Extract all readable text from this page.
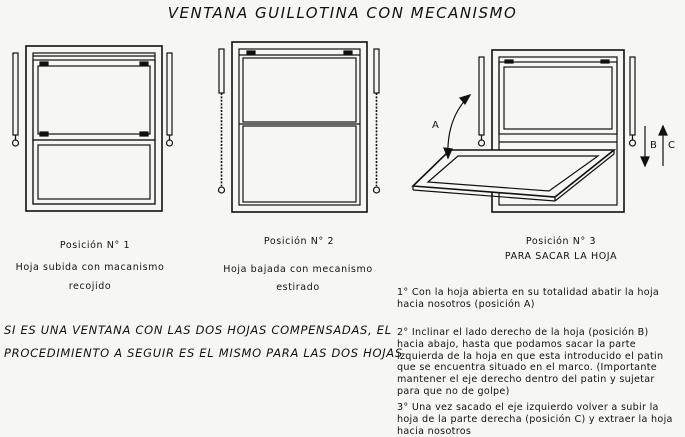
VENTANA GUILLOTINA CON MECANISMO
A
B C
Posición N° 1
Hoja subida con macanismo
recojido
Posición N° 2
Hoja bajada con mecanismo
estirado
Posición N° 3
PARA SACAR LA HOJA
SI ES UNA VENTANA CON LAS DOS HOJAS COMPENSADAS, EL
PROCEDIMIENTO A SEGUIR ES EL MISMO PARA LAS DOS HOJAS
1° Con la hoja abierta en su totalidad abatir la hoja hacia nosotros (posición A)
2° Inclinar el lado derecho de la hoja (posición B) hacia abajo, hasta que podamos sacar la parte izquierda de la hoja en que esta introducido el patin que se encuentra situado en el marco. (Importante mantener el eje derecho dentro del patin y sujetar para que no de golpe)
3° Una vez sacado el eje izquierdo volver a subir la hoja de la parte derecha (posición C) y extraer la hoja hacia nosotros
